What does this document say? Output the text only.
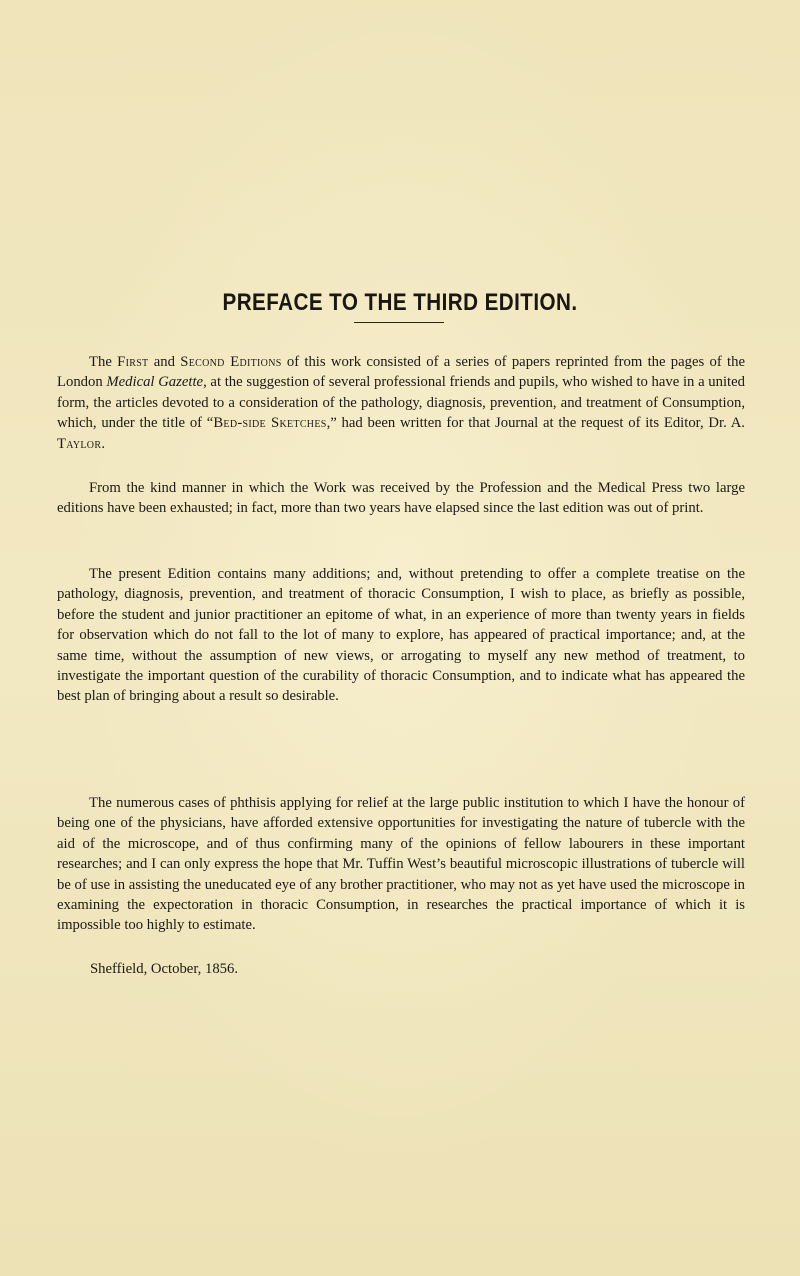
PREFACE TO THE THIRD EDITION.
The First and Second Editions of this work consisted of a series of papers reprinted from the pages of the London Medical Gazette, at the suggestion of several professional friends and pupils, who wished to have in a united form, the articles devoted to a consideration of the pathology, diagnosis, prevention, and treatment of Consumption, which, under the title of “Bed-side Sketches,” had been written for that Journal at the request of its Editor, Dr. A. Taylor.
From the kind manner in which the Work was received by the Profession and the Medical Press two large editions have been exhausted; in fact, more than two years have elapsed since the last edition was out of print.
The present Edition contains many additions; and, without pretending to offer a complete treatise on the pathology, diagnosis, prevention, and treatment of thoracic Consumption, I wish to place, as briefly as possible, before the student and junior practitioner an epitome of what, in an experience of more than twenty years in fields for observation which do not fall to the lot of many to explore, has appeared of practical importance; and, at the same time, without the assumption of new views, or arrogating to myself any new method of treatment, to investigate the important question of the curability of thoracic Consumption, and to indicate what has appeared the best plan of bringing about a result so desirable.
The numerous cases of phthisis applying for relief at the large public institution to which I have the honour of being one of the physicians, have afforded extensive opportunities for investigating the nature of tubercle with the aid of the microscope, and of thus confirming many of the opinions of fellow labourers in these important researches; and I can only express the hope that Mr. Tuffin West’s beautiful microscopic illustrations of tubercle will be of use in assisting the uneducated eye of any brother practitioner, who may not as yet have used the microscope in examining the expectoration in thoracic Consumption, in researches the practical importance of which it is impossible too highly to estimate.
Sheffield, October, 1856.
